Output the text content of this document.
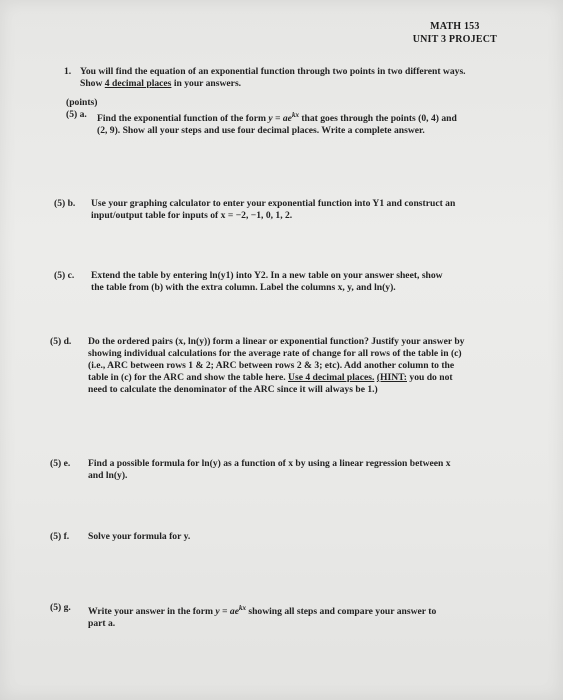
MATH 153
UNIT 3 PROJECT
1. You will find the equation of an exponential function through two points in two different ways.
Show 4 decimal places in your answers.
(points)
(5) a.	Find the exponential function of the form $y = ae^{kx}$ that goes through the points (0, 4) and
(2, 9). Show all your steps and use four decimal places. Write a complete answer.
(5) b.	Use your graphing calculator to enter your exponential function into Y1 and construct an
input/output table for inputs of x = −2, −1, 0, 1, 2.
(5) c.	Extend the table by entering ln(y1) into Y2. In a new table on your answer sheet, show
the table from (b) with the extra column. Label the columns x, y, and ln(y).
(5) d.	Do the ordered pairs (x, ln(y)) form a linear or exponential function? Justify your answer by
showing individual calculations for the average rate of change for all rows of the table in (c)
(i.e., ARC between rows 1 & 2; ARC between rows 2 & 3; etc). Add another column to the
table in (c) for the ARC and show the table here. Use 4 decimal places. (HINT: you do not
need to calculate the denominator of the ARC since it will always be 1.)
(5) e.	Find a possible formula for ln(y) as a function of x by using a linear regression between x
and ln(y).
(5) f.	Solve your formula for y.
(5) g.	Write your answer in the form $y = ae^{kx}$ showing all steps and compare your answer to
part a.
